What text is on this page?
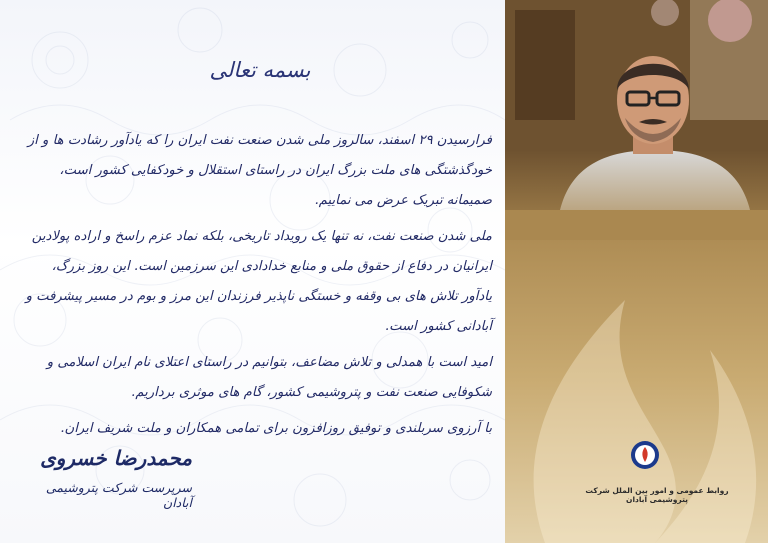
بسمه تعالی

فرارسیدن ۲۹ اسفند، سالروز ملی شدن صنعت نفت ایران را که یادآور رشادت ها و از خودگذشتگی های ملت بزرگ ایران در راستای استقلال و خودکفایی کشور است، صمیمانه تبریک عرض می نماییم.

ملی شدن صنعت نفت، نه تنها یک رویداد تاریخی، بلکه نماد عزم راسخ و اراده پولادین ایرانیان در دفاع از حقوق ملی و منابع خدادادی این سرزمین است. این روز بزرگ، یادآور تلاش های بی وقفه و خستگی ناپذیر فرزندان این مرز و بوم در مسیر پیشرفت و آبادانی کشور است.

امید است با همدلی و تلاش مضاعف، بتوانیم در راستای اعتلای نام ایران اسلامی و شکوفایی صنعت نفت و پتروشیمی کشور، گام های موثری برداریم.

با آرزوی سربلندی و توفیق روزافزون برای تمامی همکاران و ملت شریف ایران.

محمدرضا خسروی
سرپرست شرکت پتروشیمی آبادان
روابط عمومی و امور بین الملل شرکت پتروشیمی آبادان
